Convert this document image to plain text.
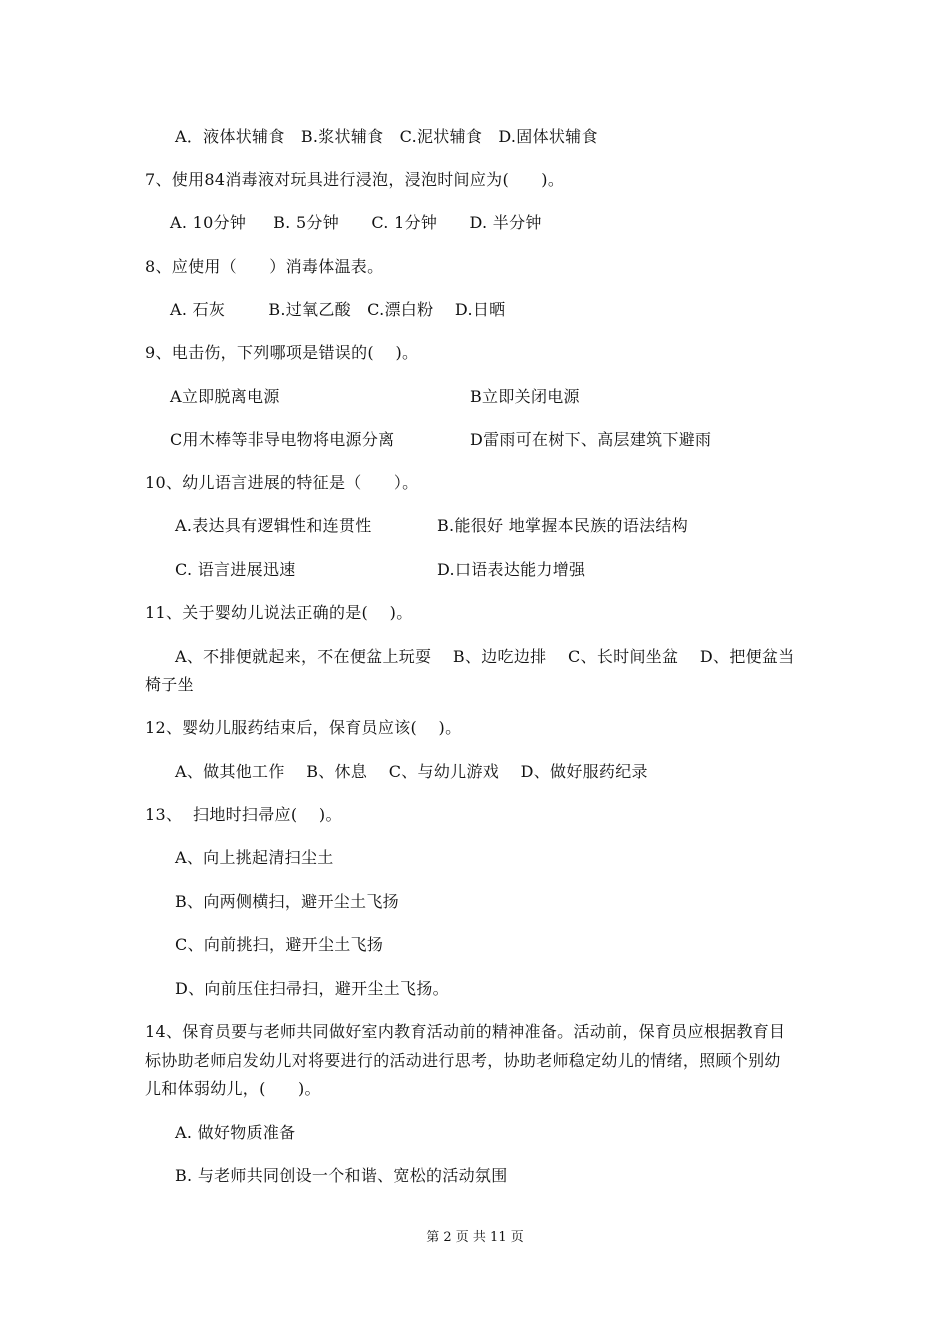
A．液体状辅食   B.浆状辅食   C.泥状辅食   D.固体状辅食

7、使用84消毒液对玩具进行浸泡，浸泡时间应为(      )。

A. 10分钟     B. 5分钟      C. 1分钟      D. 半分钟

8、应使用（      ）消毒体温表。

A. 石灰        B.过氧乙酸   C.漂白粉    D.日晒

9、电击伤，下列哪项是错误的(    )。

A立即脱离电源	B立即关闭电源

C用木棒等非导电物将电源分离	D雷雨可在树下、高层建筑下避雨

10、幼儿语言进展的特征是（      ）。

A.表达具有逻辑性和连贯性	B.能很好 地掌握本民族的语法结构

C. 语言进展迅速	D.口语表达能力增强

11、关于婴幼儿说法正确的是(    )。

A、不排便就起来，不在便盆上玩耍    B、边吃边排    C、长时间坐盆    D、把便盆当

椅子坐

12、婴幼儿服药结束后，保育员应该(    )。

A、做其他工作    B、休息    C、与幼儿游戏    D、做好服药纪录

13、  扫地时扫帚应(    )。

A、向上挑起清扫尘土

B、向两侧横扫，避开尘土飞扬

C、向前挑扫，避开尘土飞扬

D、向前压住扫帚扫，避开尘土飞扬。

14、保育员要与老师共同做好室内教育活动前的精神准备。活动前，保育员应根据教育目

标协助老师启发幼儿对将要进行的活动进行思考，协助老师稳定幼儿的情绪，照顾个别幼

儿和体弱幼儿，(      )。

A. 做好物质准备

B. 与老师共同创设一个和谐、宽松的活动氛围

第 2 页 共 11 页
